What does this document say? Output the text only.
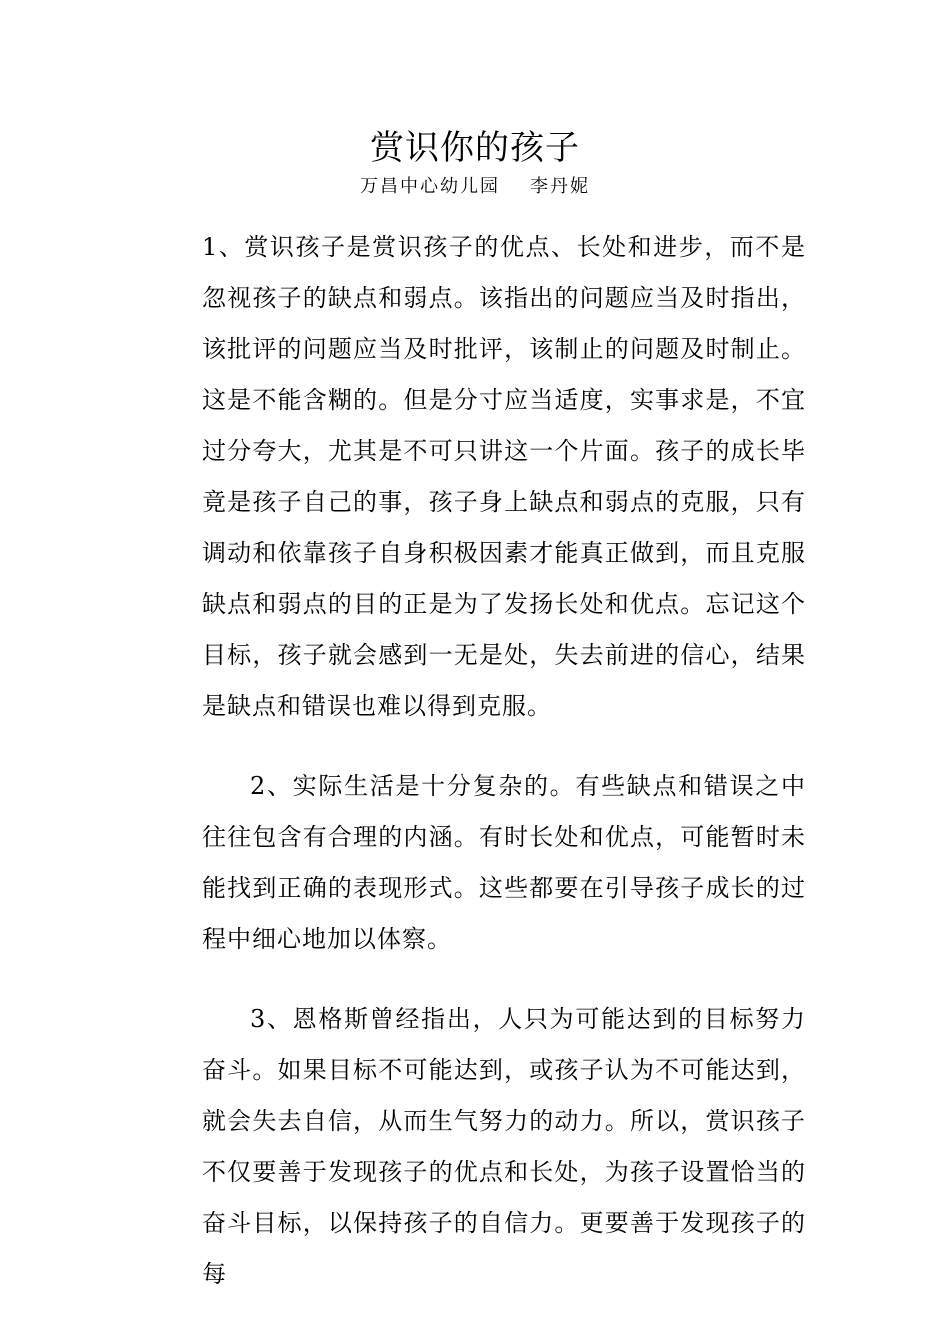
赏识你的孩子
万昌中心幼儿园 李丹妮

1、赏识孩子是赏识孩子的优点、长处和进步，而不是忽视孩子的缺点和弱点。该指出的问题应当及时指出，该批评的问题应当及时批评，该制止的问题及时制止。这是不能含糊的。但是分寸应当适度，实事求是，不宜过分夸大，尤其是不可只讲这一个片面。孩子的成长毕竟是孩子自己的事，孩子身上缺点和弱点的克服，只有调动和依靠孩子自身积极因素才能真正做到，而且克服缺点和弱点的目的正是为了发扬长处和优点。忘记这个目标，孩子就会感到一无是处，失去前进的信心，结果是缺点和错误也难以得到克服。

2、实际生活是十分复杂的。有些缺点和错误之中往往包含有合理的内涵。有时长处和优点，可能暂时未能找到正确的表现形式。这些都要在引导孩子成长的过程中细心地加以体察。

3、恩格斯曾经指出，人只为可能达到的目标努力奋斗。如果目标不可能达到，或孩子认为不可能达到，就会失去自信，从而生气努力的动力。所以，赏识孩子不仅要善于发现孩子的优点和长处，为孩子设置恰当的奋斗目标，以保持孩子的自信力。更要善于发现孩子的每
